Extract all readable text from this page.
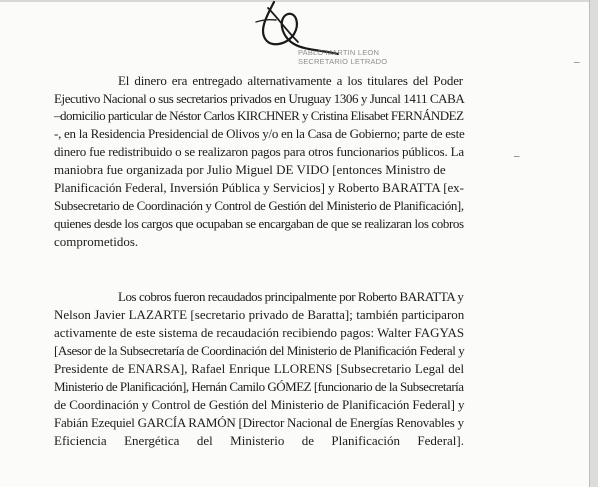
PABLO MARTIN LEON
SECRETARIO LETRADO
El dinero era entregado alternativamente a los titulares del Poder
Ejecutivo Nacional o sus secretarios privados en Uruguay 1306 y Juncal 1411 CABA
–domicilio particular de Néstor Carlos KIRCHNER y Cristina Elisabet FERNÁNDEZ
-, en la Residencia Presidencial de Olivos y/o en la Casa de Gobierno; parte de este
dinero fue redistribuido o se realizaron pagos para otros funcionarios públicos. La
maniobra fue organizada por Julio Miguel DE VIDO [entonces Ministro de
Planificación Federal, Inversión Pública y Servicios] y Roberto BARATTA [ex-
Subsecretario de Coordinación y Control de Gestión del Ministerio de Planificación],
quienes desde los cargos que ocupaban se encargaban de que se realizaran los cobros
comprometidos.
Los cobros fueron recaudados principalmente por Roberto BARATTA y
Nelson Javier LAZARTE [secretario privado de Baratta]; también participaron
activamente de este sistema de recaudación recibiendo pagos: Walter FAGYAS
[Asesor de la Subsecretaría de Coordinación del Ministerio de Planificación Federal y
Presidente de ENARSA], Rafael Enrique LLORENS [Subsecretario Legal del
Ministerio de Planificación], Hernán Camilo GÓMEZ [funcionario de la Subsecretaría
de Coordinación y Control de Gestión del Ministerio de Planificación Federal] y
Fabián Ezequiel GARCÍA RAMÓN [Director Nacional de Energías Renovables y
Eficiencia Energética del Ministerio de Planificación Federal].
–
–
